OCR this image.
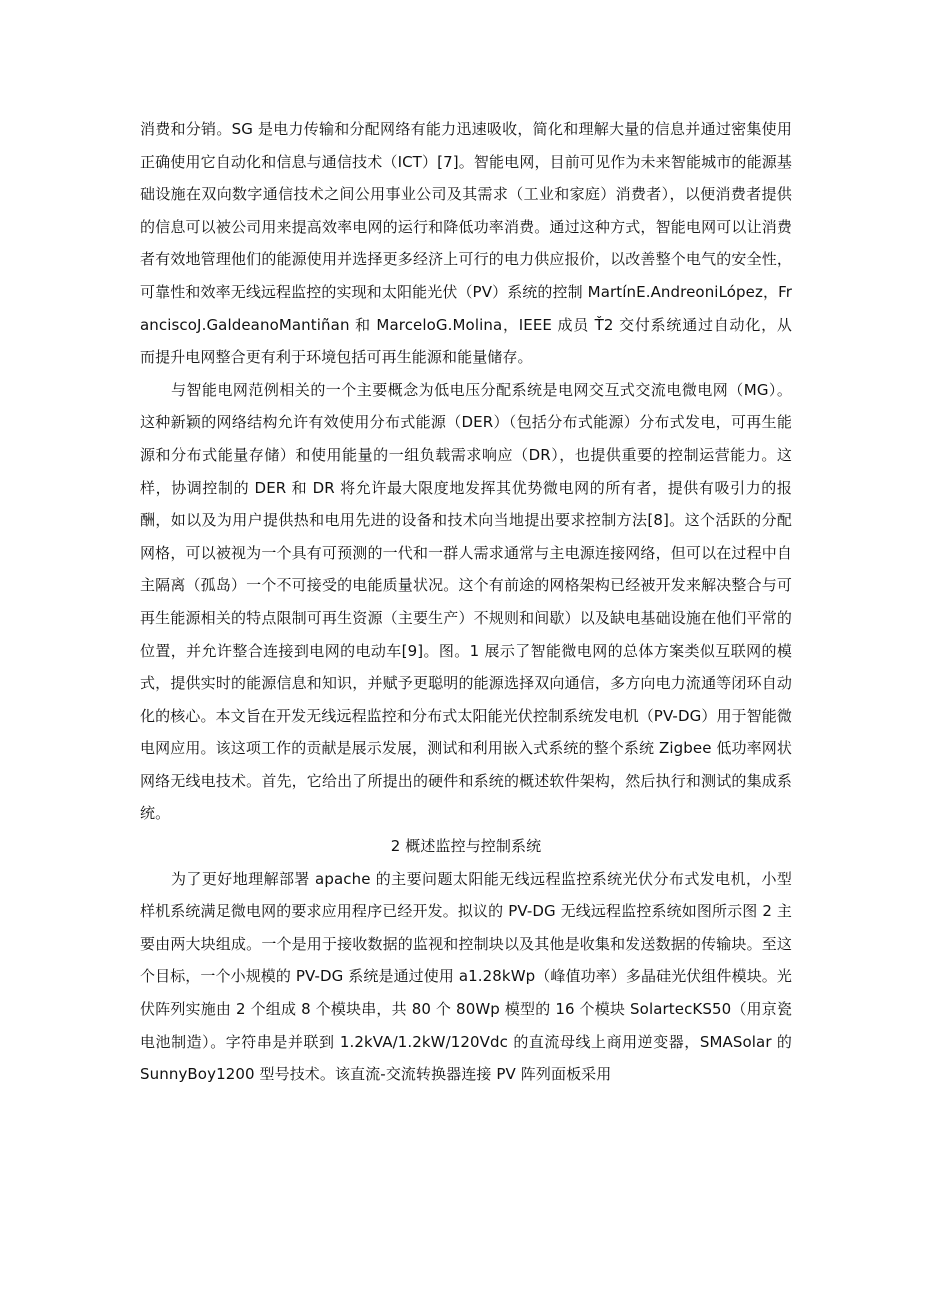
消费和分销。SG 是电力传输和分配网络有能力迅速吸收，简化和理解大量的信息并通过密集使用正确使用它自动化和信息与通信技术（ICT）[7]。智能电网，目前可见作为未来智能城市的能源基础设施在双向数字通信技术之间公用事业公司及其需求（工业和家庭）消费者），以便消费者提供的信息可以被公司用来提高效率电网的运行和降低功率消费。通过这种方式，智能电网可以让消费者有效地管理他们的能源使用并选择更多经济上可行的电力供应报价，以改善整个电气的安全性，可靠性和效率无线远程监控的实现和太阳能光伏（PV）系统的控制 MartínE.AndreoniLópez，FranciscoJ.GaldeanoMantiñan 和 MarceloG.Molina，IEEE 成员 Ť2 交付系统通过自动化，从而提升电网整合更有利于环境包括可再生能源和能量储存。

与智能电网范例相关的一个主要概念为低电压分配系统是电网交互式交流电微电网（MG）。这种新颖的网络结构允许有效使用分布式能源（DER）（包括分布式能源）分布式发电，可再生能源和分布式能量存储）和使用能量的一组负载需求响应（DR），也提供重要的控制运营能力。这样，协调控制的 DER 和 DR 将允许最大限度地发挥其优势微电网的所有者，提供有吸引力的报酬，如以及为用户提供热和电用先进的设备和技术向当地提出要求控制方法[8]。这个活跃的分配网格，可以被视为一个具有可预测的一代和一群人需求通常与主电源连接网络，但可以在过程中自主隔离（孤岛）一个不可接受的电能质量状况。这个有前途的网格架构已经被开发来解决整合与可再生能源相关的特点限制可再生资源（主要生产）不规则和间歇）以及缺电基础设施在他们平常的位置，并允许整合连接到电网的电动车[9]。图。1 展示了智能微电网的总体方案类似互联网的模式，提供实时的能源信息和知识，并赋予更聪明的能源选择双向通信，多方向电力流通等闭环自动化的核心。本文旨在开发无线远程监控和分布式太阳能光伏控制系统发电机（PV-DG）用于智能微电网应用。该这项工作的贡献是展示发展，测试和利用嵌入式系统的整个系统 Zigbee 低功率网状网络无线电技术。首先，它给出了所提出的硬件和系统的概述软件架构，然后执行和测试的集成系统。

2 概述监控与控制系统

为了更好地理解部署 apache 的主要问题太阳能无线远程监控系统光伏分布式发电机，小型样机系统满足微电网的要求应用程序已经开发。拟议的 PV-DG 无线远程监控系统如图所示图 2 主要由两大块组成。一个是用于接收数据的监视和控制块以及其他是收集和发送数据的传输块。至这个目标，一个小规模的 PV-DG 系统是通过使用 a1.28kWp（峰值功率）多晶硅光伏组件模块。光伏阵列实施由 2 个组成 8 个模块串，共 80 个 80Wp 模型的 16 个模块 SolartecKS50（用京瓷电池制造）。字符串是并联到 1.2kVA/1.2kW/120Vdc 的直流母线上商用逆变器，SMASolar 的 SunnyBoy1200 型号技术。该直流-交流转换器连接 PV 阵列面板采用
